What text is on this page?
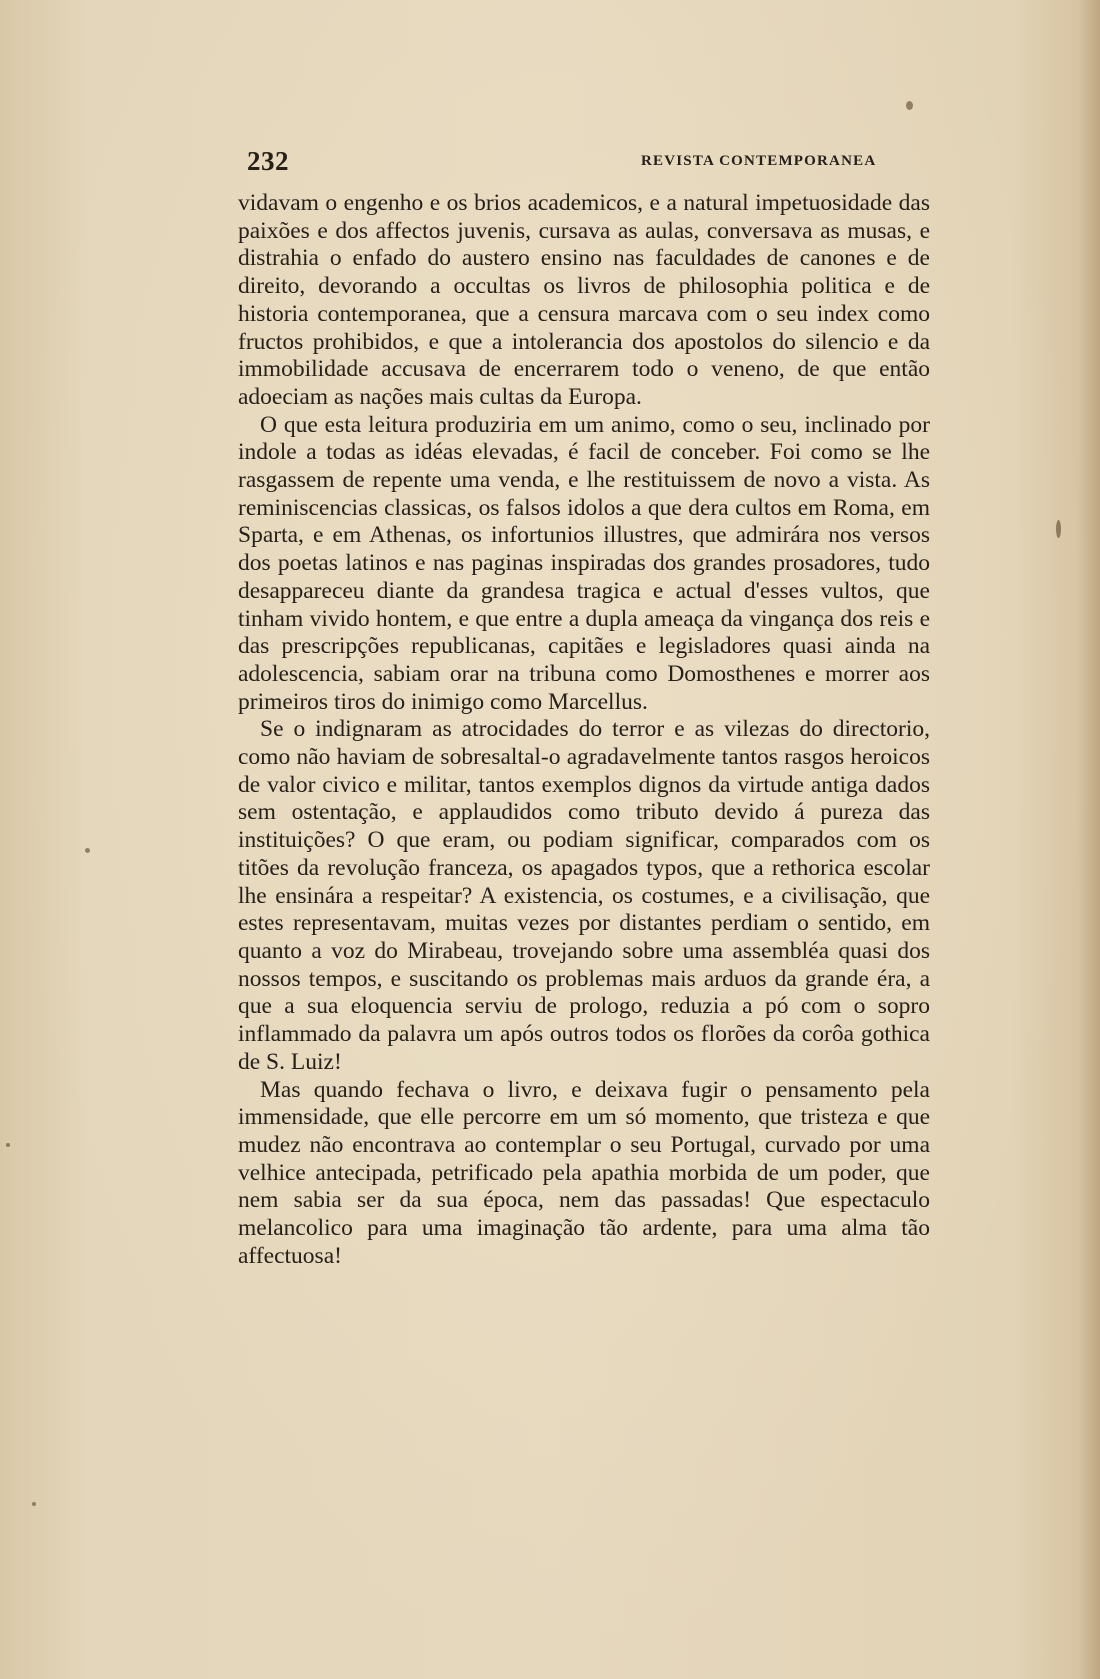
232	REVISTA CONTEMPORANEA

vidavam o engenho e os brios academicos, e a natural impetuosidade das paixões e dos affectos juvenis, cursava as aulas, conversava as musas, e distrahia o enfado do austero ensino nas faculdades de canones e de direito, devorando a occultas os livros de philosophia politica e de historia contemporanea, que a censura marcava com o seu index como fructos prohibidos, e que a intolerancia dos apostolos do silencio e da immobilidade accusava de encerrarem todo o veneno, de que então adoeciam as nações mais cultas da Europa.

O que esta leitura produziria em um animo, como o seu, inclinado por indole a todas as idéas elevadas, é facil de conceber. Foi como se lhe rasgassem de repente uma venda, e lhe restituissem de novo a vista. As reminiscencias classicas, os falsos idolos a que dera cultos em Roma, em Sparta, e em Athenas, os infortunios illustres, que admirára nos versos dos poetas latinos e nas paginas inspiradas dos grandes prosadores, tudo desappareceu diante da grandesa tragica e actual d'esses vultos, que tinham vivido hontem, e que entre a dupla ameaça da vingança dos reis e das prescripções republicanas, capitães e legisladores quasi ainda na adolescencia, sabiam orar na tribuna como Domosthenes e morrer aos primeiros tiros do inimigo como Marcellus.

Se o indignaram as atrocidades do terror e as vilezas do directorio, como não haviam de sobresaltal-o agradavelmente tantos rasgos heroicos de valor civico e militar, tantos exemplos dignos da virtude antiga dados sem ostentação, e applaudidos como tributo devido á pureza das instituições? O que eram, ou podiam significar, comparados com os titões da revolução franceza, os apagados typos, que a rethorica escolar lhe ensinára a respeitar? A existencia, os costumes, e a civilisação, que estes representavam, muitas vezes por distantes perdiam o sentido, em quanto a voz do Mirabeau, trovejando sobre uma assembléa quasi dos nossos tempos, e suscitando os problemas mais arduos da grande éra, a que a sua eloquencia serviu de prologo, reduzia a pó com o sopro inflammado da palavra um após outros todos os florões da corôa gothica de S. Luiz!

Mas quando fechava o livro, e deixava fugir o pensamento pela immensidade, que elle percorre em um só momento, que tristeza e que mudez não encontrava ao contemplar o seu Portugal, curvado por uma velhice antecipada, petrificado pela apathia morbida de um poder, que nem sabia ser da sua época, nem das passadas! Que espectaculo melancolico para uma imaginação tão ardente, para uma alma tão affectuosa!
